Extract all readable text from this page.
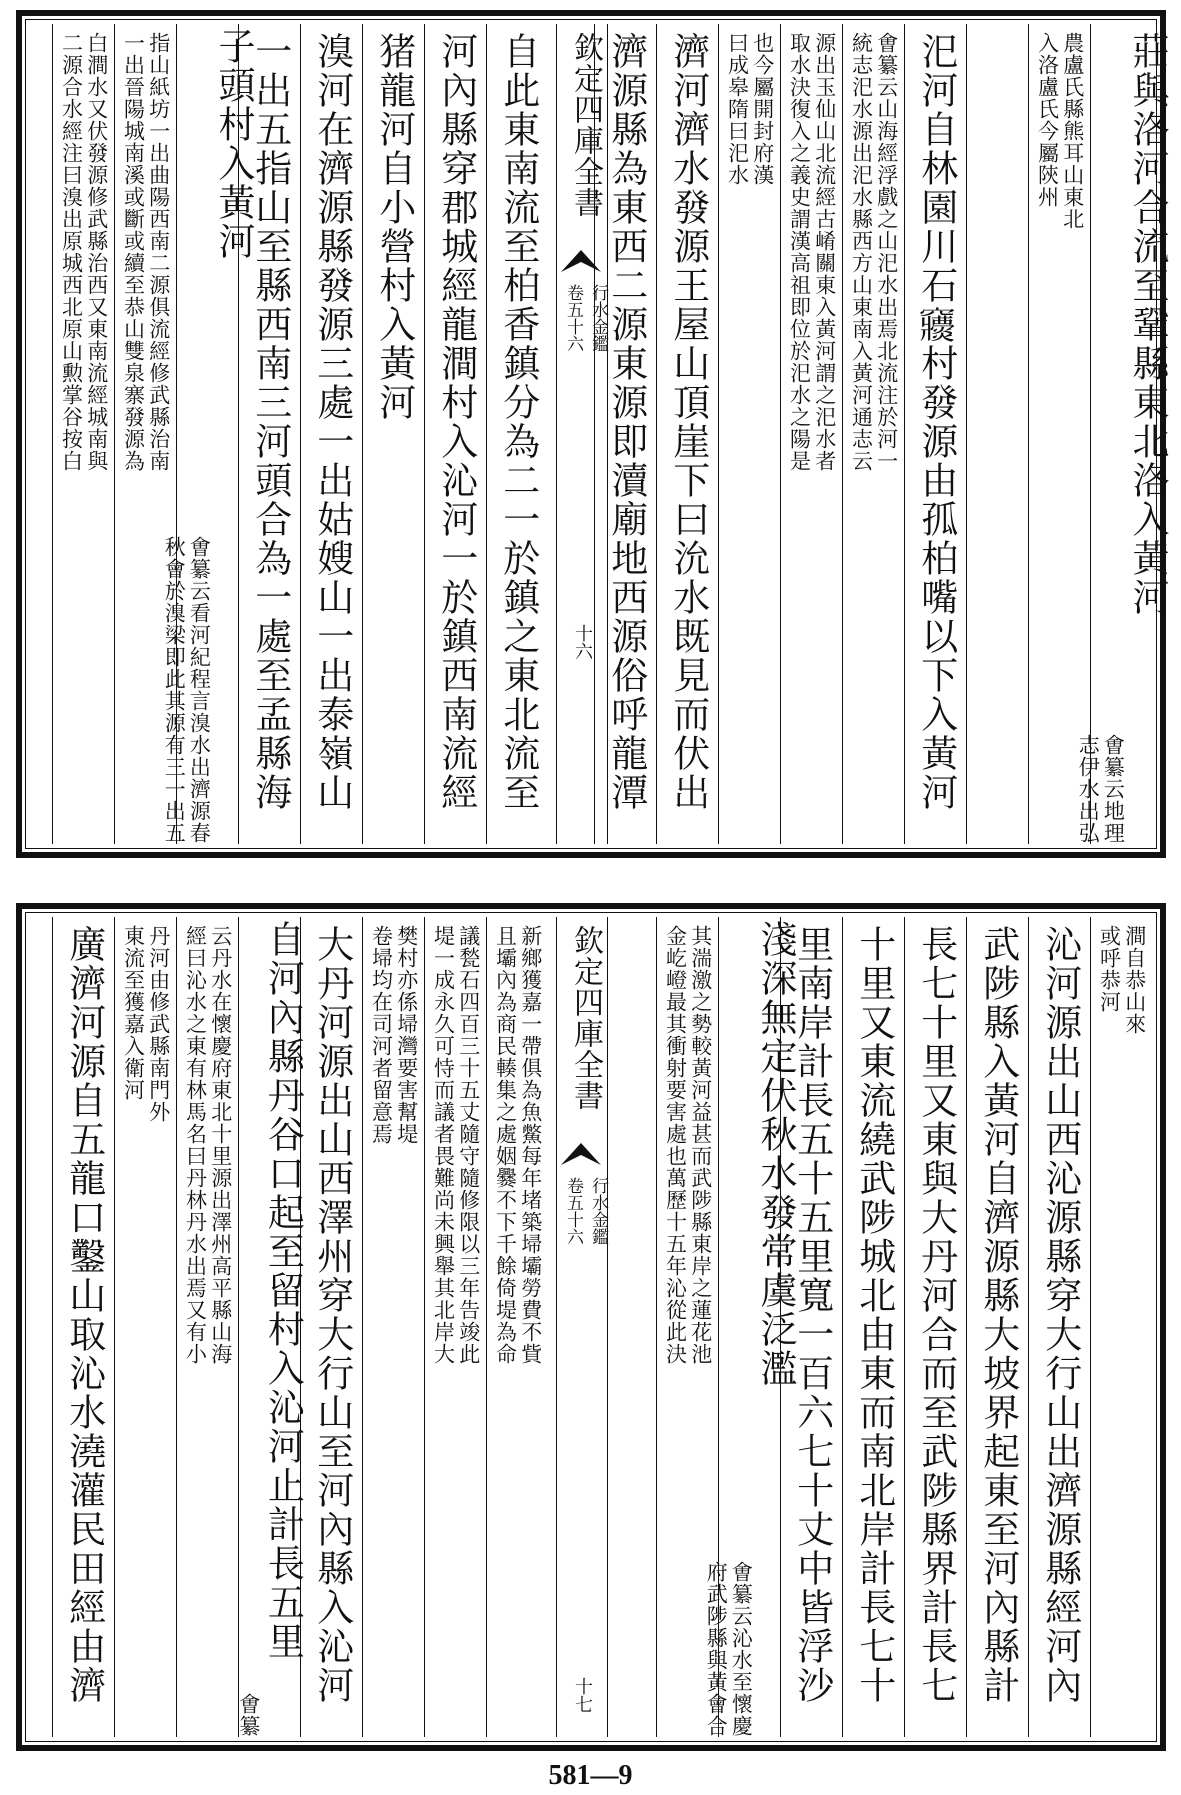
莊與洛河合流至鞏縣東北洛入黃河
㑹纂云地理
志伊水出弘
農盧氏縣熊耳山東北
入洛盧氏今屬陝州
汜河自林園川石𥩒村發源由孤柏嘴以下入黃河
㑹纂云山海經浮戲之山汜水出焉北流注於河一
統志汜水源出汜水縣西方山東南入黃河通志云
源出玉仙山北流經古崤關東入黃河謂之汜水者
取水決復入之義史謂漢高祖即位於汜水之陽是
也今屬開封府漢
曰成皋隋曰汜水
濟河濟水發源王屋山頂崖下曰沇水既見而伏出
濟源縣為東西二源東源即瀆廟地西源俗呼龍潭
欽定四庫全書
行水金鑑
卷五十六
十六
自此東南流至柏香鎮分為二一於鎮之東北流至
河內縣穿郡城經龍澗村入沁河一於鎮西南流經
猪龍河自小營村入黃河
溴河在濟源縣發源三處一出姑嫂山一出泰嶺山
一出五指山至縣西南三河頭合為一處至孟縣海
子頭村入黃河
㑹纂云看河紀程言溴水出濟源春
秋會於溴梁即此其源有三一出五
指山紙坊一出曲陽西南二源俱流經修武縣治南
一出晉陽城南溪或斷或續至恭山雙泉寨發源為
白澗水又伏發源修武縣治西又東南流經城南與
二源合水經注曰溴出原城西北原山勲掌谷按白
澗自恭山來
或呼恭河
沁河源出山西沁源縣穿大行山出濟源縣經河內
武陟縣入黃河自濟源縣大坡界起東至河內縣計
長七十里又東與大丹河合而至武陟縣界計長七
十里又東流繞武陟城北由東而南北岸計長七十
里南岸計長五十五里寬一百六七十丈中皆浮沙
淺深無定伏秋水發常虞泛濫
㑹纂云沁水至懷慶
府武陟縣與黃會合
其湍激之勢較黃河益甚而武陟縣東岸之蓮花池
金屹嶝最其衝射要害處也萬歷十五年沁從此決
欽定四庫全書
行水金鑑
卷五十六
十七
新鄉獲嘉一帶俱為魚鱉每年堵築埽壩勞費不貲
且壩內為商民輳集之處姻爨不下千餘倚堤為命
議甃石四百三十五丈隨守隨修限以三年告竣此
堤一成永久可恃而議者畏難尚未興舉其北岸大
樊村亦係埽灣要害幫堤
卷埽均在司河者留意焉
大丹河源出山西澤州穿大行山至河內縣入沁河
自河內縣丹谷口起至留村入沁河止計長五里
㑹纂
云丹水在懷慶府東北十里源出澤州高平縣山海
經曰沁水之東有林馬名曰丹林丹水出焉又有小
丹河由修武縣南門外
東流至獲嘉入衛河
廣濟河源自五龍口鑿山取沁水澆灌民田經由濟
581—9
